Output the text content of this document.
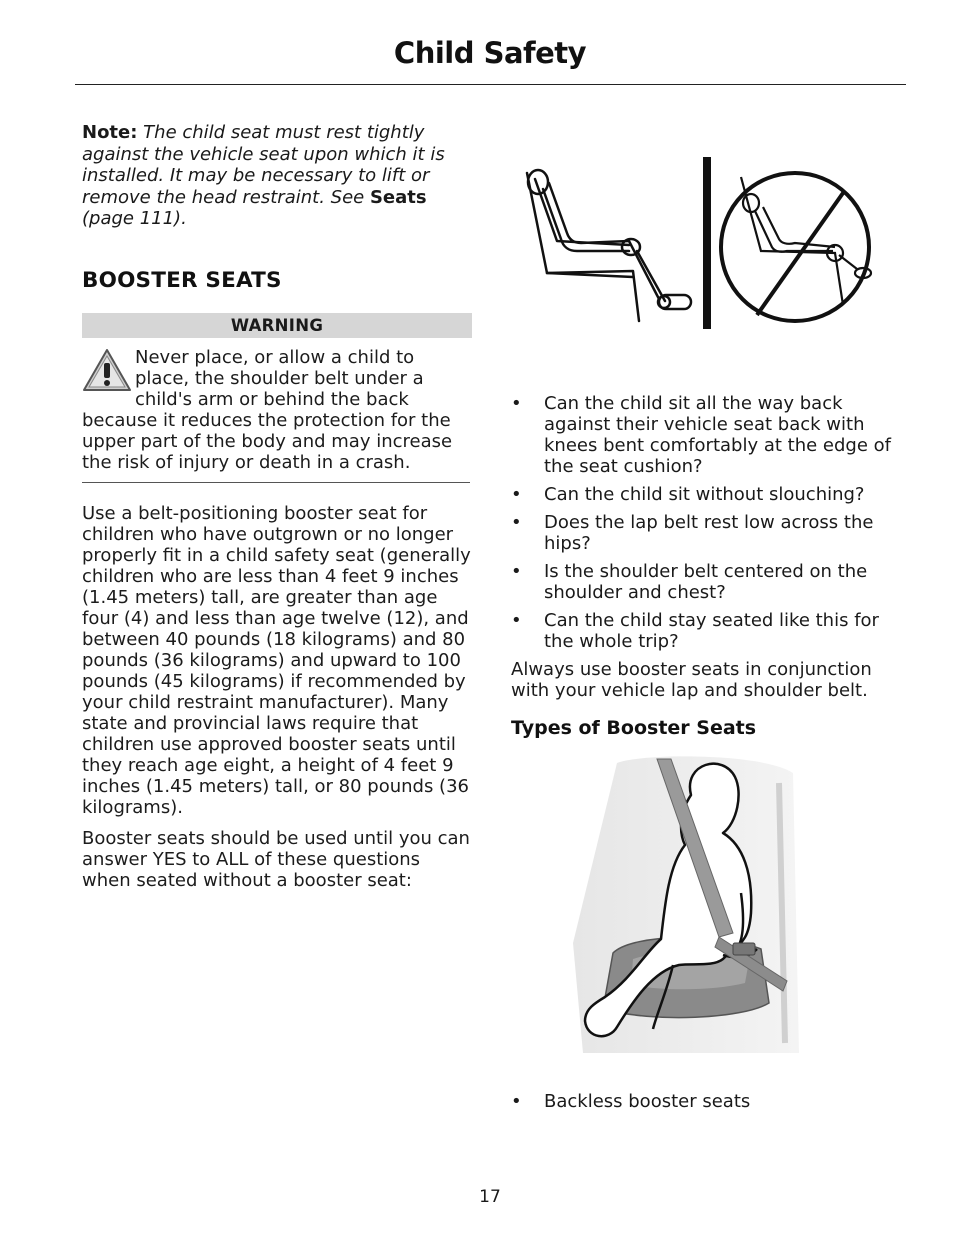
Child Safety

Note: The child seat must rest tightly against the vehicle seat upon which it is installed. It may be necessary to lift or remove the head restraint. See Seats (page 111).

BOOSTER SEATS
WARNING

Never place, or allow a child to place, the shoulder belt under a child's arm or behind the back because it reduces the protection for the upper part of the body and may increase the risk of injury or death in a crash.

Use a belt-positioning booster seat for children who have outgrown or no longer properly fit in a child safety seat (generally children who are less than 4 feet 9 inches (1.45 meters) tall, are greater than age four (4) and less than age twelve (12), and between 40 pounds (18 kilograms) and 80 pounds (36 kilograms) and upward to 100 pounds (45 kilograms) if recommended by your child restraint manufacturer). Many state and provincial laws require that children use approved booster seats until they reach age eight, a height of 4 feet 9 inches (1.45 meters) tall, or 80 pounds (36 kilograms).

Booster seats should be used until you can answer YES to ALL of these questions when seated without a booster seat:

• Can the child sit all the way back against their vehicle seat back with knees bent comfortably at the edge of the seat cushion?
• Can the child sit without slouching?
• Does the lap belt rest low across the hips?
• Is the shoulder belt centered on the shoulder and chest?
• Can the child stay seated like this for the whole trip?

Always use booster seats in conjunction with your vehicle lap and shoulder belt.

Types of Booster Seats
• Backless booster seats
17
